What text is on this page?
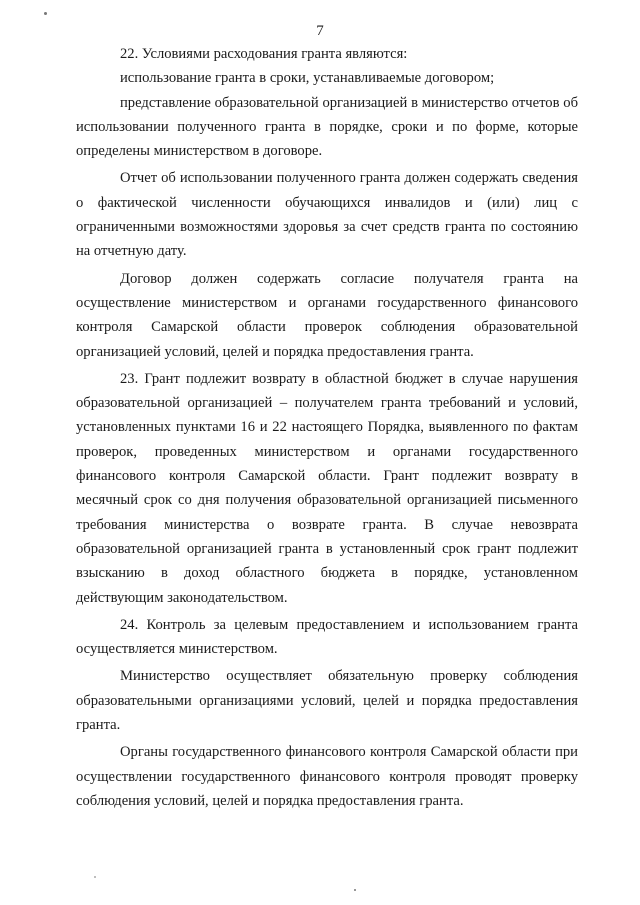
7

22. Условиями расходования гранта являются:

использование гранта в сроки, устанавливаемые договором;

представление образовательной организацией в министерство отчетов об использовании полученного гранта в порядке, сроки и по форме, которые определены министерством в договоре.

Отчет об использовании полученного гранта должен содержать сведения о фактической численности обучающихся инвалидов и (или) лиц с ограниченными возможностями здоровья за счет средств гранта по состоянию на отчетную дату.

Договор должен содержать согласие получателя гранта на осуществление министерством и органами государственного финансового контроля Самарской области проверок соблюдения образовательной организацией условий, целей и порядка предоставления гранта.

23. Грант подлежит возврату в областной бюджет в случае нарушения образовательной организацией – получателем гранта требований и условий, установленных пунктами 16 и 22 настоящего Порядка, выявленного по фактам проверок, проведенных министерством и органами государственного финансового контроля Самарской области. Грант подлежит возврату в месячный срок со дня получения образовательной организацией письменного требования министерства о возврате гранта. В случае невозврата образовательной организацией гранта в установленный срок грант подлежит взысканию в доход областного бюджета в порядке, установленном действующим законодательством.

24. Контроль за целевым предоставлением и использованием гранта осуществляется министерством.

Министерство осуществляет обязательную проверку соблюдения образовательными организациями условий, целей и порядка предоставления гранта.

Органы государственного финансового контроля Самарской области при осуществлении государственного финансового контроля проводят проверку соблюдения условий, целей и порядка предоставления гранта.
